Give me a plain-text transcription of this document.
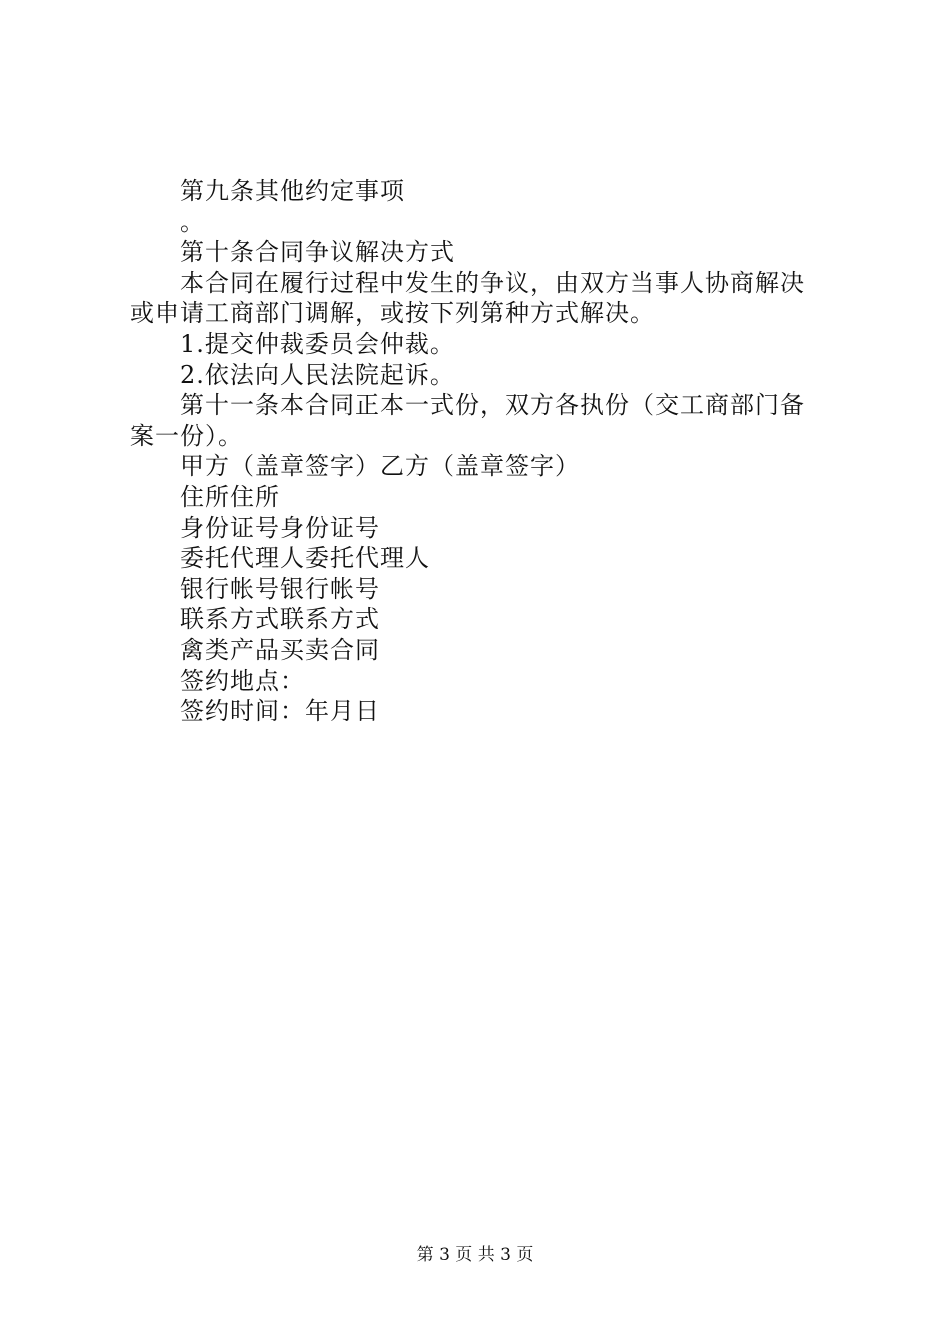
第九条其他约定事项
。
第十条合同争议解决方式
本合同在履行过程中发生的争议，由双方当事人协商解决
或申请工商部门调解，或按下列第种方式解决。
1.提交仲裁委员会仲裁。
2.依法向人民法院起诉。
第十一条本合同正本一式份，双方各执份（交工商部门备
案一份）。
甲方（盖章签字）乙方（盖章签字）
住所住所
身份证号身份证号
委托代理人委托代理人
银行帐号银行帐号
联系方式联系方式
禽类产品买卖合同
签约地点：
签约时间：年月日
第 3 页 共 3 页
